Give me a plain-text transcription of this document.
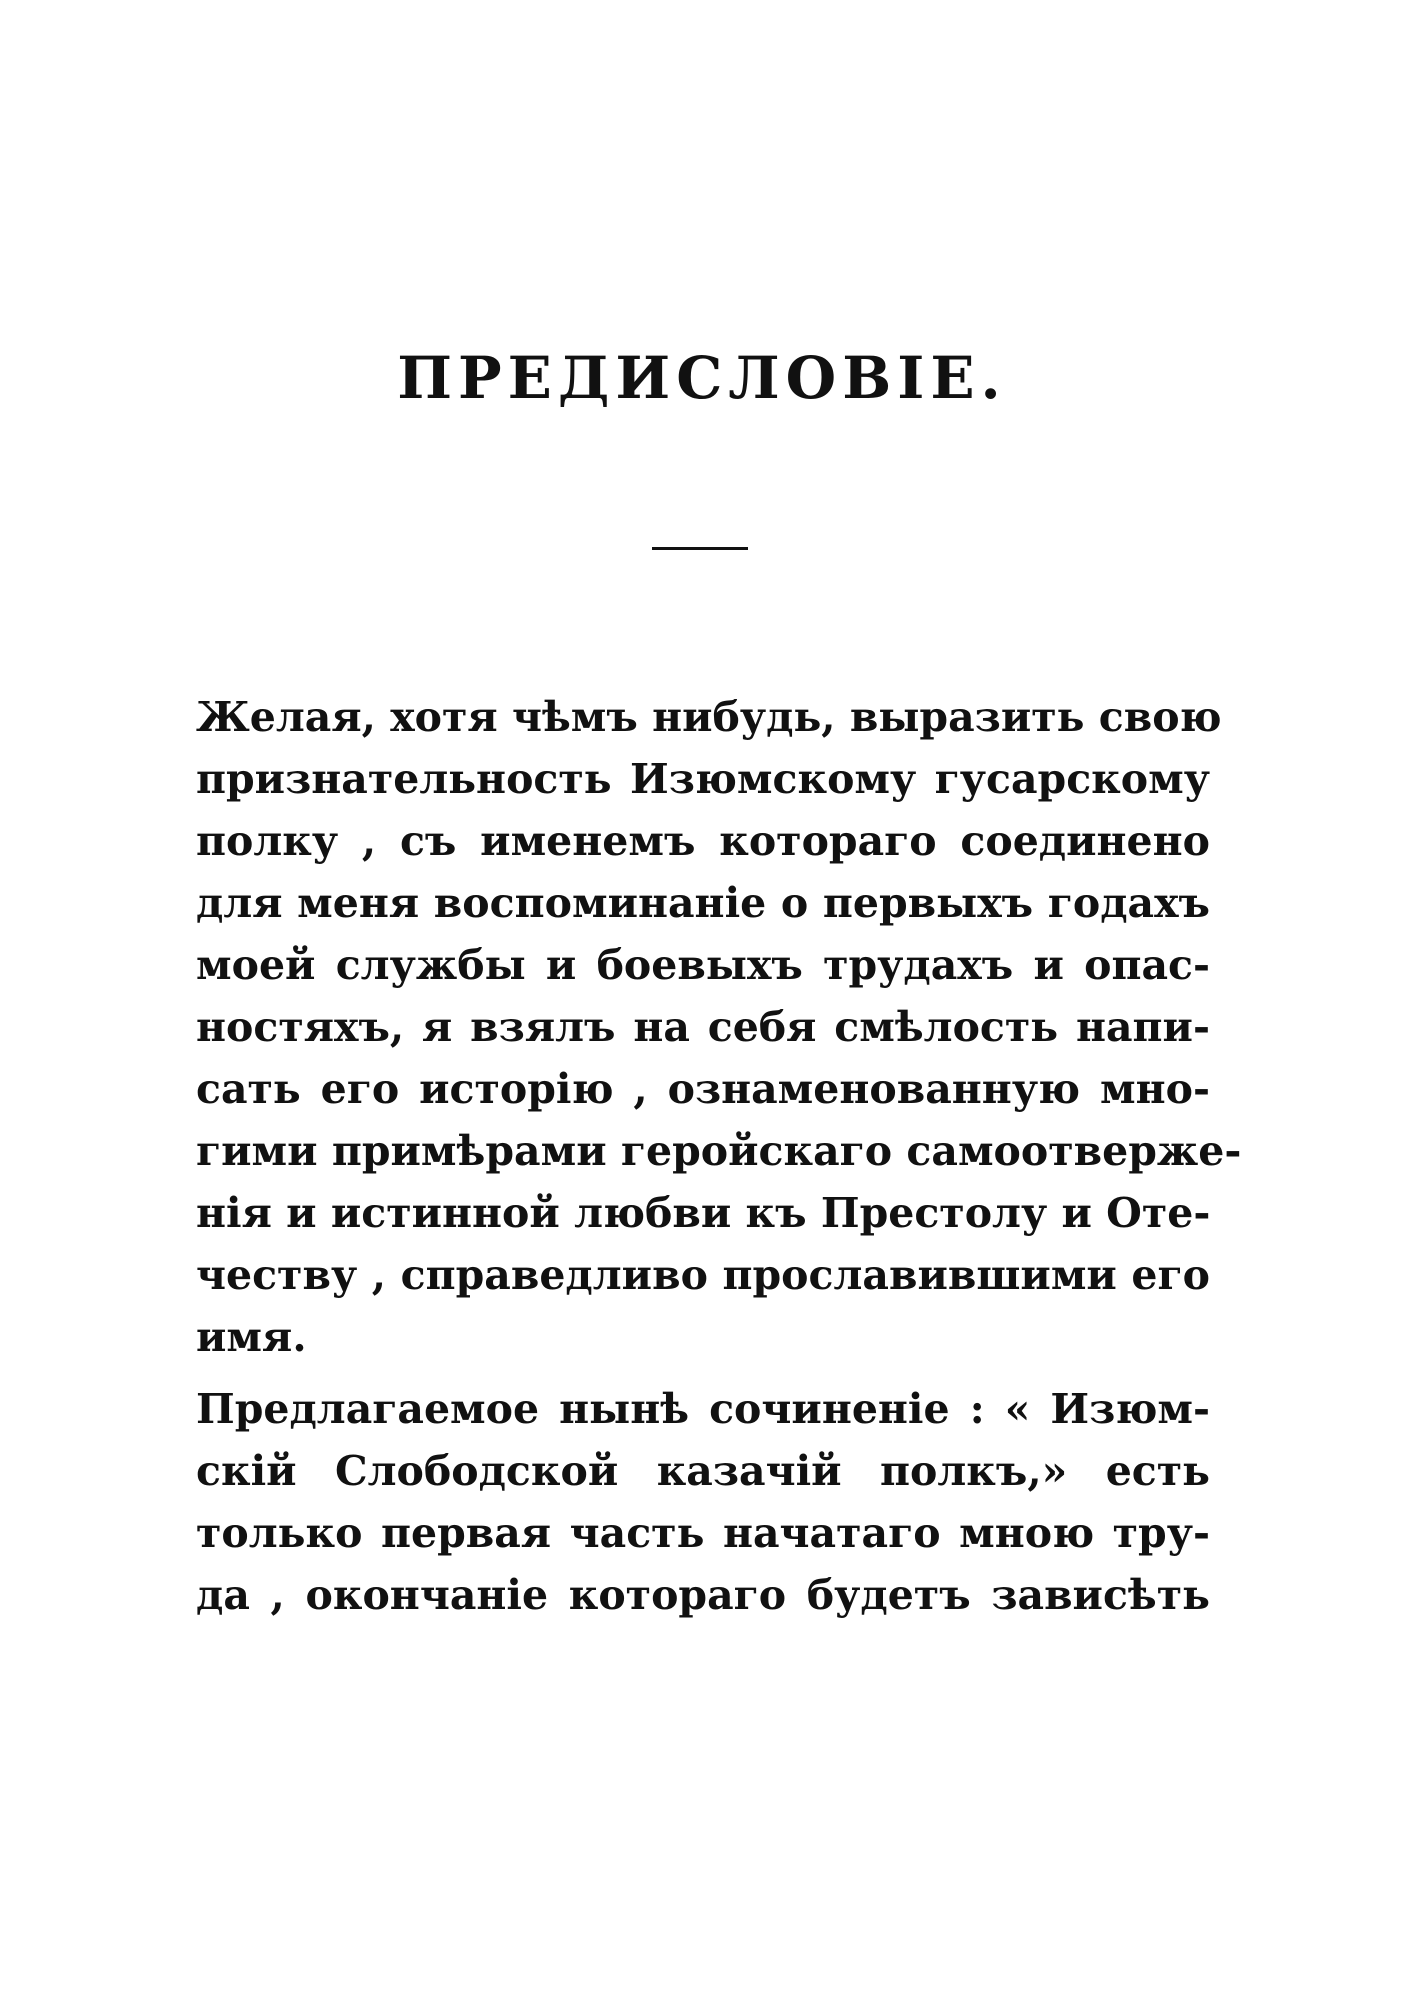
ПРЕДИСЛОВІЕ.
Желая, хотя чѣмъ нибудь, выразить свою
признательность Изюмскому гусарскому
полку , съ именемъ котораго соединено
для меня воспоминаніе о первыхъ годахъ
моей службы и боевыхъ трудахъ и опас-
ностяхъ, я взялъ на себя смѣлость напи-
сать его исторію , ознаменованную мно-
гими примѣрами геройскаго самоотверже-
нія и истинной любви къ Престолу и Оте-
честву , справедливо прославившими его
имя.
Предлагаемое нынѣ сочиненіе : « Изюм-
скій Слободской казачій полкъ,» есть
только первая часть начатаго мною тру-
да , окончаніе котораго будетъ зависѣть
